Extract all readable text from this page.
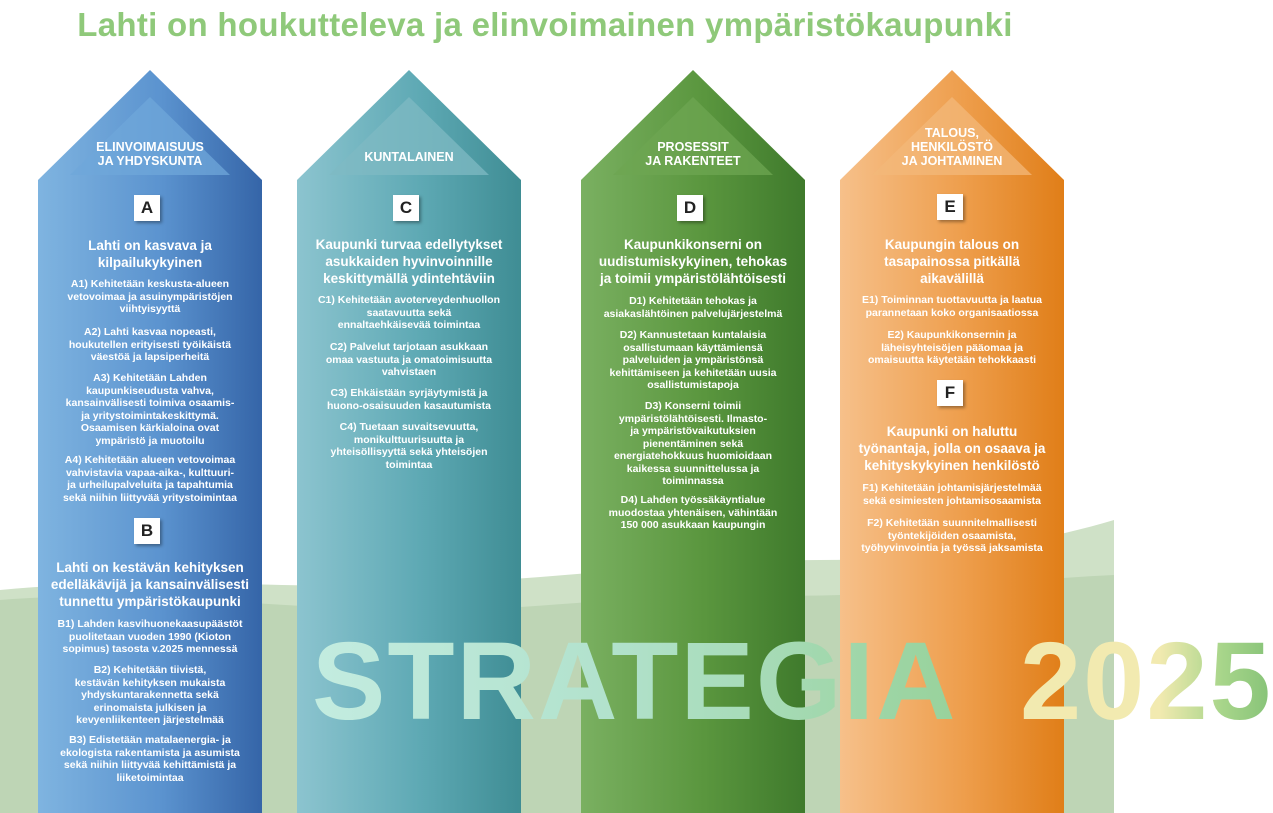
Lahti on houkutteleva ja elinvoimainen ympäristökaupunki
ELINVOIMAISUUS
JA YHDYSKUNTA
A
Lahti on kasvava ja
kilpailukykyinen
A1) Kehitetään keskusta-alueen
vetovoimaa ja asuinympäristöjen
viihtyisyyttä
A2) Lahti kasvaa nopeasti,
houkutellen erityisesti työikäistä
väestöä ja lapsiperheitä
A3) Kehitetään Lahden
kaupunkiseudusta vahva,
kansainvälisesti toimiva osaamis-
ja yritystoimintakeskittymä.
Osaamisen kärkialoina ovat
ympäristö ja muotoilu
A4) Kehitetään alueen vetovoimaa
vahvistavia vapaa-aika-, kulttuuri-
ja urheilupalveluita ja tapahtumia
sekä niihin liittyvää yritystoimintaa
B
Lahti on kestävän kehityksen
edelläkävijä ja kansainvälisesti
tunnettu ympäristökaupunki
B1) Lahden kasvihuonekaasupäästöt
puolitetaan vuoden 1990 (Kioton
sopimus) tasosta v.2025 mennessä
B2) Kehitetään tiivistä,
kestävän kehityksen mukaista
yhdyskuntarakennetta sekä
erinomaista julkisen ja
kevyenliikenteen järjestelmää
B3) Edistetään matalaenergia- ja
ekologista rakentamista ja asumista
sekä niihin liittyvää kehittämistä ja
liiketoimintaa
KUNTALAINEN
C
Kaupunki turvaa edellytykset
asukkaiden hyvinvoinnille
keskittymällä ydintehtäviin
C1) Kehitetään avoterveydenhuollon
saatavuutta sekä
ennaltaehkäisevää toimintaa
C2) Palvelut tarjotaan asukkaan
omaa vastuuta ja omatoimisuutta
vahvistaen
C3) Ehkäistään syrjäytymistä ja
huono-osaisuuden kasautumista
C4) Tuetaan suvaitsevuutta,
monikulttuurisuutta ja
yhteisöllisyyttä sekä yhteisöjen
toimintaa
PROSESSIT
JA RAKENTEET
D
Kaupunkikonserni on
uudistumiskykyinen, tehokas
ja toimii ympäristölähtöisesti
D1) Kehitetään tehokas ja
asiakaslähtöinen palvelujärjestelmä
D2) Kannustetaan kuntalaisia
osallistumaan käyttämiensä
palveluiden ja ympäristönsä
kehittämiseen ja kehitetään uusia
osallistumistapoja
D3) Konserni toimii
ympäristölähtöisesti. Ilmasto-
ja ympäristövaikutuksien
pienentäminen sekä
energiatehokkuus huomioidaan
kaikessa suunnittelussa ja
toiminnassa
D4) Lahden työssäkäyntialue
muodostaa yhtenäisen, vähintään
150 000 asukkaan kaupungin
TALOUS,
HENKILÖSTÖ
JA JOHTAMINEN
E
Kaupungin talous on
tasapainossa pitkällä
aikavälillä
E1) Toiminnan tuottavuutta ja laatua
parannetaan koko organisaatiossa
E2) Kaupunkikonsernin ja
läheisyhteisöjen pääomaa ja
omaisuutta käytetään tehokkaasti
F
Kaupunki on haluttu
työnantaja, jolla on osaava ja
kehityskykyinen henkilöstö
F1) Kehitetään johtamisjärjestelmää
sekä esimiesten johtamisosaamista
F2) Kehitetään suunnitelmallisesti
työntekijöiden osaamista,
työhyvinvointia ja työssä jaksamista
STRATEGIA 2025
